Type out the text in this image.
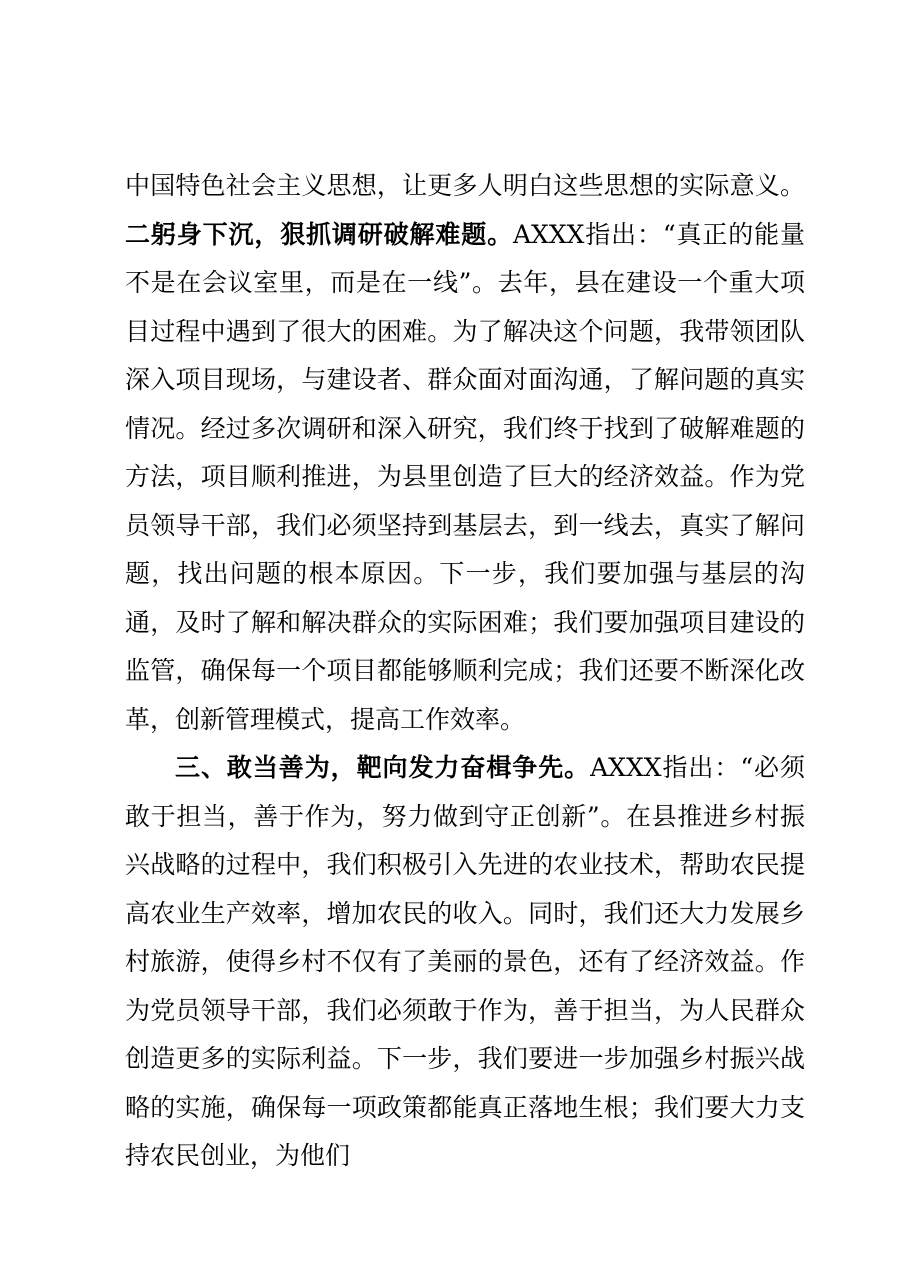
中国特色社会主义思想，让更多人明白这些思想的实际意义。二躬身下沉，狠抓调研破解难题。AXXX指出：“真正的能量不是在会议室里，而是在一线”。去年，县在建设一个重大项目过程中遇到了很大的困难。为了解决这个问题，我带领团队深入项目现场，与建设者、群众面对面沟通，了解问题的真实情况。经过多次调研和深入研究，我们终于找到了破解难题的方法，项目顺利推进，为县里创造了巨大的经济效益。作为党员领导干部，我们必须坚持到基层去，到一线去，真实了解问题，找出问题的根本原因。下一步，我们要加强与基层的沟通，及时了解和解决群众的实际困难；我们要加强项目建设的监管，确保每一个项目都能够顺利完成；我们还要不断深化改革，创新管理模式，提高工作效率。

三、敢当善为，靶向发力奋楫争先。AXXX指出：“必须敢于担当，善于作为，努力做到守正创新”。在县推进乡村振兴战略的过程中，我们积极引入先进的农业技术，帮助农民提高农业生产效率，增加农民的收入。同时，我们还大力发展乡村旅游，使得乡村不仅有了美丽的景色，还有了经济效益。作为党员领导干部，我们必须敢于作为，善于担当，为人民群众创造更多的实际利益。下一步，我们要进一步加强乡村振兴战略的实施，确保每一项政策都能真正落地生根；我们要大力支持农民创业，为他们
